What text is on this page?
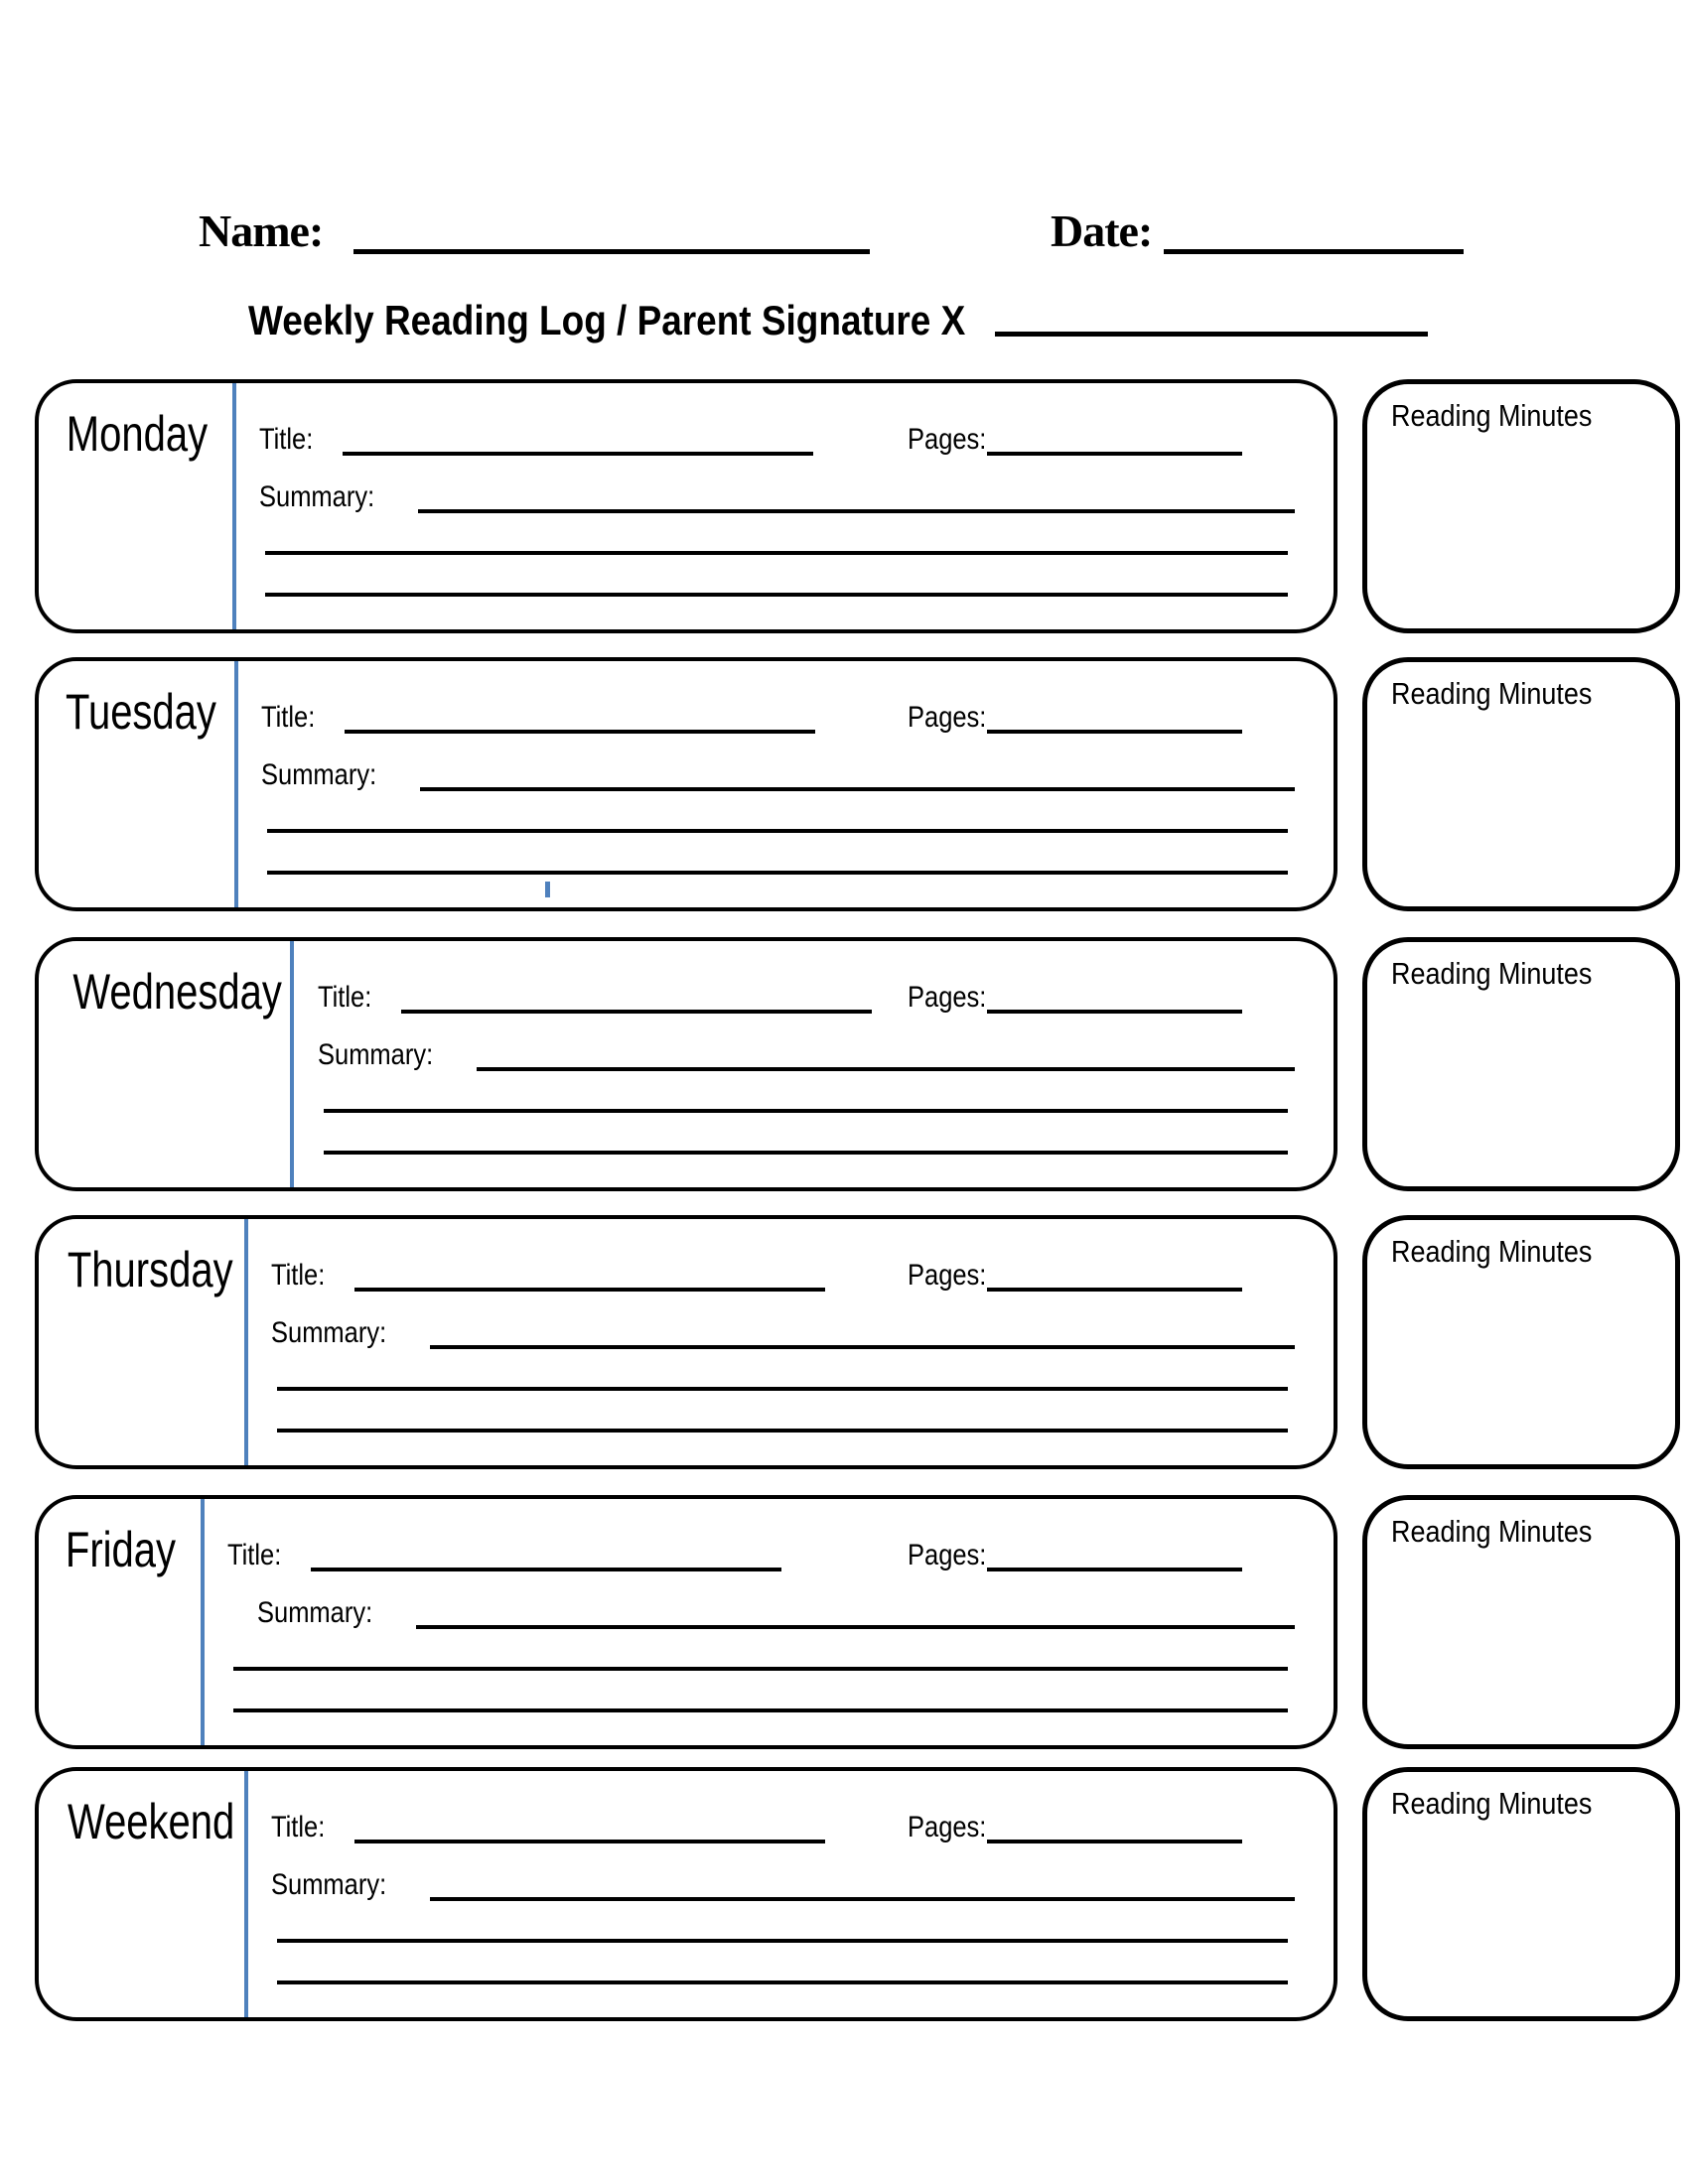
Name:	Date:
Weekly Reading Log / Parent Signature X
Monday	Title:	Pages:
Summary:
Reading Minutes
Tuesday	Title:	Pages:
Summary:
Reading Minutes
Wednesday Title:	Pages:
Summary:
Reading Minutes
Thursday Title:	Pages:
Summary:
Reading Minutes
Friday	Title:	Pages:
Summary:
Reading Minutes
Weekend Title:	Pages:
Summary:
Reading Minutes
